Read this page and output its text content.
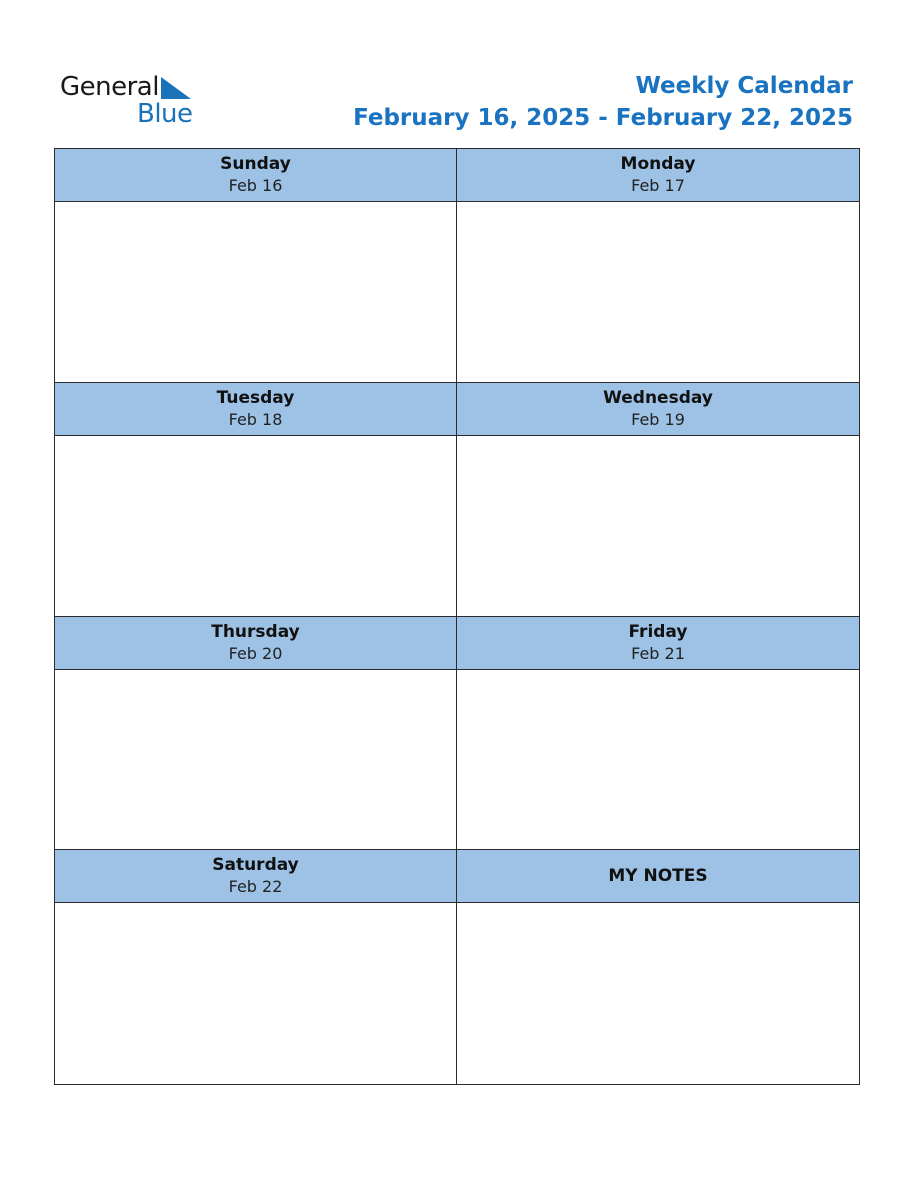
General
Blue
Weekly Calendar
February 16, 2025 - February 22, 2025
Sunday
Feb 16
Monday
Feb 17
Tuesday
Feb 18
Wednesday
Feb 19
Thursday
Feb 20
Friday
Feb 21
Saturday
Feb 22
MY NOTES
